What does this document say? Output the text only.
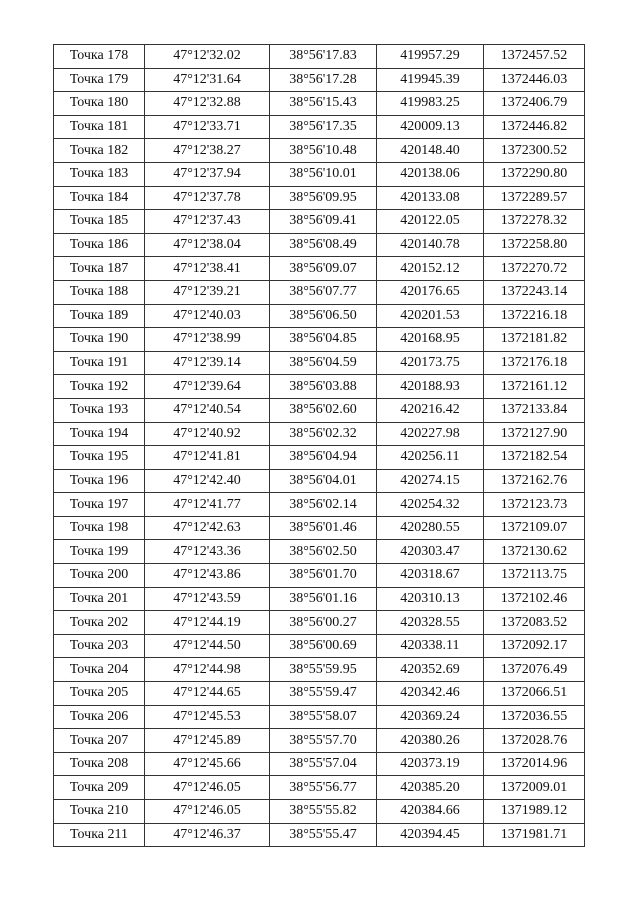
Точка 178	47°12'32.02	38°56'17.83	419957.29	1372457.52
Точка 179	47°12'31.64	38°56'17.28	419945.39	1372446.03
Точка 180	47°12'32.88	38°56'15.43	419983.25	1372406.79
Точка 181	47°12'33.71	38°56'17.35	420009.13	1372446.82
Точка 182	47°12'38.27	38°56'10.48	420148.40	1372300.52
Точка 183	47°12'37.94	38°56'10.01	420138.06	1372290.80
Точка 184	47°12'37.78	38°56'09.95	420133.08	1372289.57
Точка 185	47°12'37.43	38°56'09.41	420122.05	1372278.32
Точка 186	47°12'38.04	38°56'08.49	420140.78	1372258.80
Точка 187	47°12'38.41	38°56'09.07	420152.12	1372270.72
Точка 188	47°12'39.21	38°56'07.77	420176.65	1372243.14
Точка 189	47°12'40.03	38°56'06.50	420201.53	1372216.18
Точка 190	47°12'38.99	38°56'04.85	420168.95	1372181.82
Точка 191	47°12'39.14	38°56'04.59	420173.75	1372176.18
Точка 192	47°12'39.64	38°56'03.88	420188.93	1372161.12
Точка 193	47°12'40.54	38°56'02.60	420216.42	1372133.84
Точка 194	47°12'40.92	38°56'02.32	420227.98	1372127.90
Точка 195	47°12'41.81	38°56'04.94	420256.11	1372182.54
Точка 196	47°12'42.40	38°56'04.01	420274.15	1372162.76
Точка 197	47°12'41.77	38°56'02.14	420254.32	1372123.73
Точка 198	47°12'42.63	38°56'01.46	420280.55	1372109.07
Точка 199	47°12'43.36	38°56'02.50	420303.47	1372130.62
Точка 200	47°12'43.86	38°56'01.70	420318.67	1372113.75
Точка 201	47°12'43.59	38°56'01.16	420310.13	1372102.46
Точка 202	47°12'44.19	38°56'00.27	420328.55	1372083.52
Точка 203	47°12'44.50	38°56'00.69	420338.11	1372092.17
Точка 204	47°12'44.98	38°55'59.95	420352.69	1372076.49
Точка 205	47°12'44.65	38°55'59.47	420342.46	1372066.51
Точка 206	47°12'45.53	38°55'58.07	420369.24	1372036.55
Точка 207	47°12'45.89	38°55'57.70	420380.26	1372028.76
Точка 208	47°12'45.66	38°55'57.04	420373.19	1372014.96
Точка 209	47°12'46.05	38°55'56.77	420385.20	1372009.01
Точка 210	47°12'46.05	38°55'55.82	420384.66	1371989.12
Точка 211	47°12'46.37	38°55'55.47	420394.45	1371981.71
